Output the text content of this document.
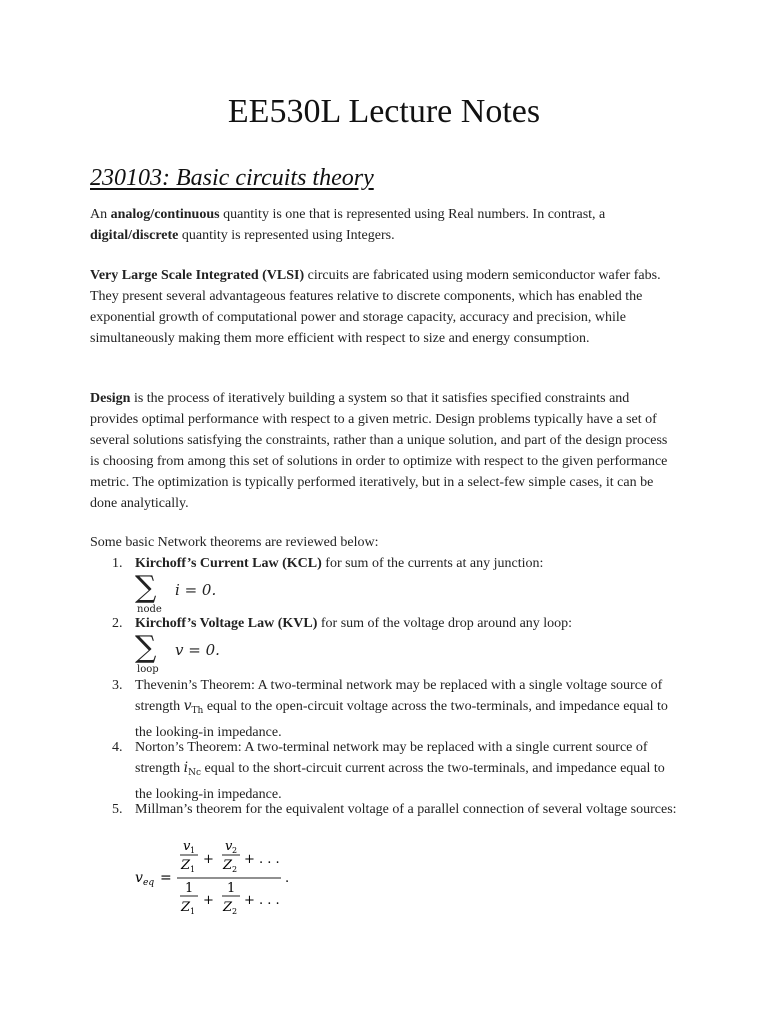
EE530L Lecture Notes
230103: Basic circuits theory

An analog/continuous quantity is one that is represented using Real numbers. In contrast, a digital/discrete quantity is represented using Integers.

Very Large Scale Integrated (VLSI) circuits are fabricated using modern semiconductor wafer fabs. They present several advantageous features relative to discrete components, which has enabled the exponential growth of computational power and storage capacity, accuracy and precision, while simultaneously making them more efficient with respect to size and energy consumption.

Design is the process of iteratively building a system so that it satisfies specified constraints and provides optimal performance with respect to a given metric. Design problems typically have a set of several solutions satisfying the constraints, rather than a unique solution, and part of the design process is choosing from among this set of solutions in order to optimize with respect to the given performance metric. The optimization is typically performed iteratively, but in a select-few simple cases, it can be done analytically.

Some basic Network theorems are reviewed below:

1. Kirchoff’s Current Law (KCL) for sum of the currents at any junction:
∑
node
i = 0.
2. Kirchoff’s Voltage Law (KVL) for sum of the voltage drop around any loop:
∑
loop
v = 0.
3. Thevenin’s Theorem: A two-terminal network may be replaced with a single voltage source of strength $v_{Th}$ equal to the open-circuit voltage across the two-terminals, and impedance equal to the looking-in impedance.
4. Norton’s Theorem: A two-terminal network may be replaced with a single current source of strength $i_{Nc}$ equal to the short-circuit current across the two-terminals, and impedance equal to the looking-in impedance.
5. Millman’s theorem for the equivalent voltage of a parallel connection of several voltage sources:
v eq =
v 1
Z 1
+
v 2
Z 2
+ . . .
1
Z 1
+
1
Z 2
+ . . .
.
